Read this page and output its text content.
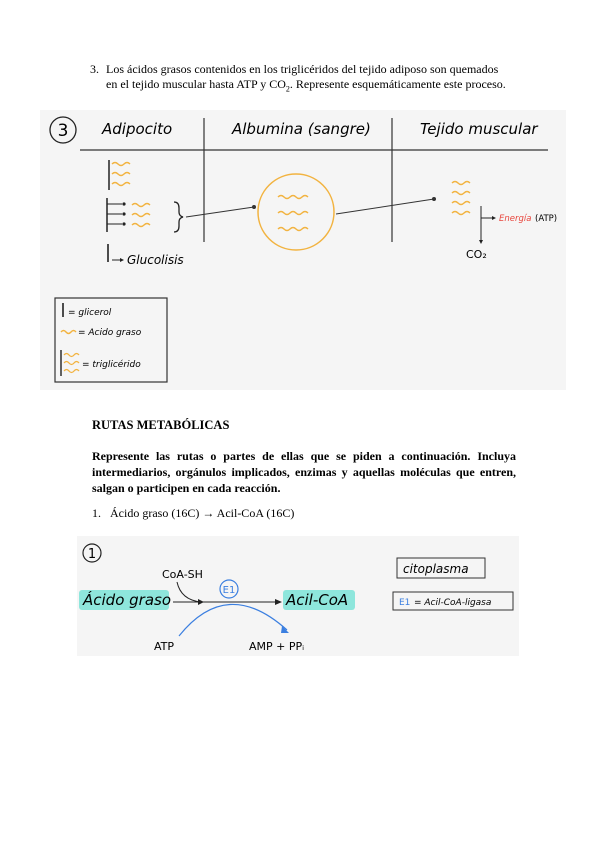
3. Los ácidos grasos contenidos en los triglicéridos del tejido adiposo son quemados
en el tejido muscular hasta ATP y $CO_2$. Represente esquemáticamente este proceso.
3 Adipocito	Albumina (sangre)	Tejido muscular
Glucolisis
Energía (ATP)
CO₂
= glicerol
= Acido graso
= triglicérido
RUTAS METABÓLICAS
Represente las rutas o partes de ellas que se piden a continuación. Incluya intermediarios, orgánulos implicados, enzimas y aquellas moléculas que entren, salgan o participen en cada reacción.
1. Ácido graso (16C) → Acil-CoA (16C)
1
CoA-SH
E1
Ácido graso	Acil-CoA
ATP	AMP + PPᵢ
citoplasma
E1 = Acil-CoA-ligasa
